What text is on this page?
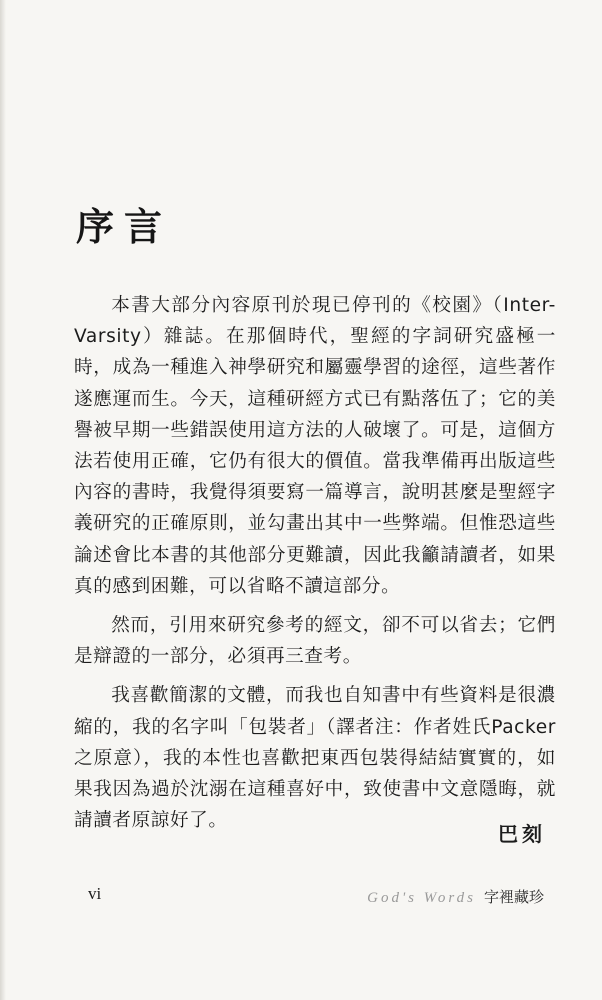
序言

本書大部分內容原刊於現已停刊的《校園》（Inter-Varsity）雜誌。在那個時代，聖經的字詞研究盛極一時，成為一種進入神學研究和屬靈學習的途徑，這些著作遂應運而生。今天，這種研經方式已有點落伍了；它的美譽被早期一些錯誤使用這方法的人破壞了。可是，這個方法若使用正確，它仍有很大的價值。當我準備再出版這些內容的書時，我覺得須要寫一篇導言，說明甚麼是聖經字義研究的正確原則，並勾畫出其中一些弊端。但惟恐這些論述會比本書的其他部分更難讀，因此我籲請讀者，如果真的感到困難，可以省略不讀這部分。

然而，引用來研究參考的經文，卻不可以省去；它們是辯證的一部分，必須再三查考。

我喜歡簡潔的文體，而我也自知書中有些資料是很濃縮的，我的名字叫「包裝者」（譯者注：作者姓氏Packer之原意），我的本性也喜歡把東西包裝得結結實實的，如果我因為過於沈溺在這種喜好中，致使書中文意隱晦，就請讀者原諒好了。

巴刻
vi	God's Words 字裡藏珍
